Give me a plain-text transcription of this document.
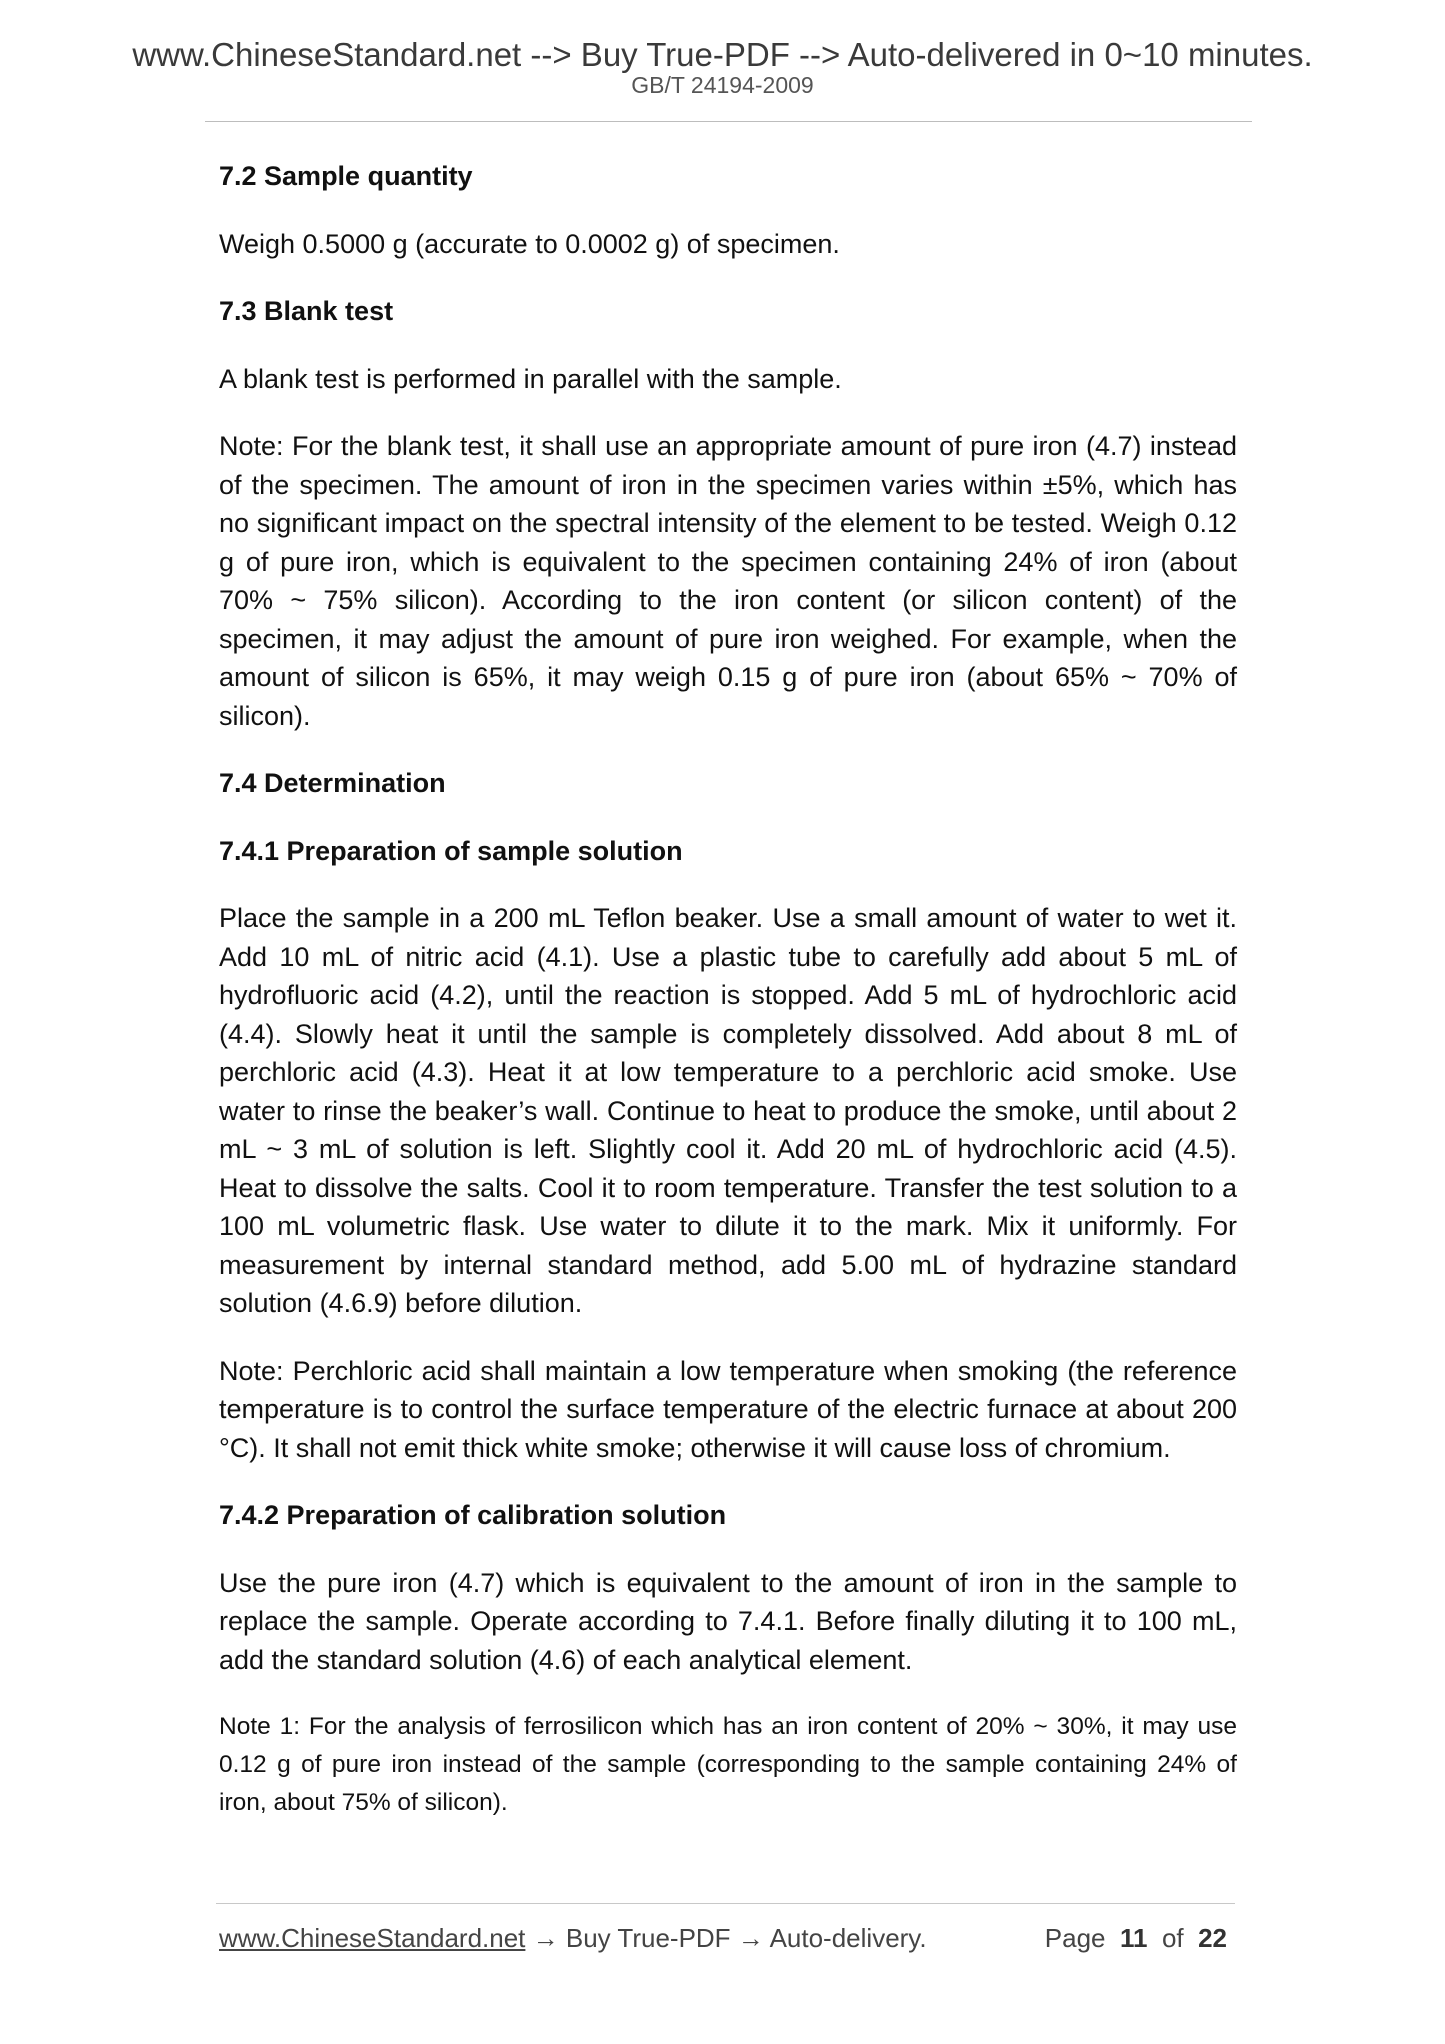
www.ChineseStandard.net --> Buy True-PDF --> Auto-delivered in 0~10 minutes.
GB/T 24194-2009
7.2 Sample quantity

Weigh 0.5000 g (accurate to 0.0002 g) of specimen.

7.3 Blank test

A blank test is performed in parallel with the sample.

Note: For the blank test, it shall use an appropriate amount of pure iron (4.7) instead of the specimen. The amount of iron in the specimen varies within ±5%, which has no significant impact on the spectral intensity of the element to be tested. Weigh 0.12 g of pure iron, which is equivalent to the specimen containing 24% of iron (about 70% ~ 75% silicon). According to the iron content (or silicon content) of the specimen, it may adjust the amount of pure iron weighed. For example, when the amount of silicon is 65%, it may weigh 0.15 g of pure iron (about 65% ~ 70% of silicon).

7.4 Determination
7.4.1 Preparation of sample solution

Place the sample in a 200 mL Teflon beaker. Use a small amount of water to wet it. Add 10 mL of nitric acid (4.1). Use a plastic tube to carefully add about 5 mL of hydrofluoric acid (4.2), until the reaction is stopped. Add 5 mL of hydrochloric acid (4.4). Slowly heat it until the sample is completely dissolved. Add about 8 mL of perchloric acid (4.3). Heat it at low temperature to a perchloric acid smoke. Use water to rinse the beaker’s wall. Continue to heat to produce the smoke, until about 2 mL ~ 3 mL of solution is left. Slightly cool it. Add 20 mL of hydrochloric acid (4.5). Heat to dissolve the salts. Cool it to room temperature. Transfer the test solution to a 100 mL volumetric flask. Use water to dilute it to the mark. Mix it uniformly. For measurement by internal standard method, add 5.00 mL of hydrazine standard solution (4.6.9) before dilution.

Note: Perchloric acid shall maintain a low temperature when smoking (the reference temperature is to control the surface temperature of the electric furnace at about 200 °C). It shall not emit thick white smoke; otherwise it will cause loss of chromium.

7.4.2 Preparation of calibration solution

Use the pure iron (4.7) which is equivalent to the amount of iron in the sample to replace the sample. Operate according to 7.4.1. Before finally diluting it to 100 mL, add the standard solution (4.6) of each analytical element.

Note 1: For the analysis of ferrosilicon which has an iron content of 20% ~ 30%, it may use 0.12 g of pure iron instead of the sample (corresponding to the sample containing 24% of iron, about 75% of silicon).

www.ChineseStandard.net → Buy True-PDF → Auto-delivery.	Page 11 of 22
